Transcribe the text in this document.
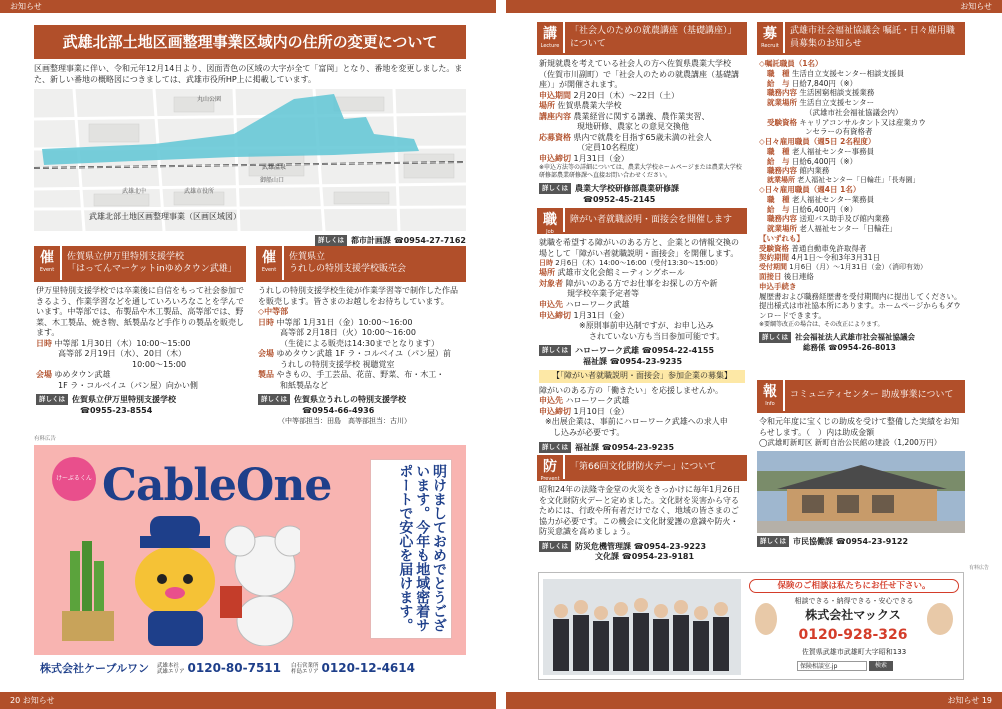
お知らせ
武雄北部土地区画整理事業区域内の住所の変更について
区画整理事業に伴い、令和元年12月14日より、図面青色の区域の大字が全て「富岡」となり、番地を変更しました。また、新しい番地の概略図につきましては、武雄市役所HP上に掲載しています。
丸山公園
武雄北中	武雄市役所
御船山口
武雄温泉
武雄北部土地区画整理事業（区画区域図）
詳しくは 都市計画課 ☎0954-27-7162
催
Event
佐賀県立伊万里特別支援学校
「はってんマーケットinゆめタウン武雄」
伊万里特別支援学校では卒業後に自信をもって社会参加できるよう、作業学習などを通していろいろなことを学んでいます。中等部では、布製品や木工製品、高等部では、野菜、木工製品、焼き物、紙製品など手作りの製品を販売します。
日時 中等部 1月30日（木）10:00～15:00
高等部 2月19日（水）、20日（木）
10:00～15:00
会場 ゆめタウン武雄
1F ラ・コルベイユ（パン屋）向かい側
詳しくは 佐賀県立伊万里特別支援学校
☎0955-23-8554
催
Event
佐賀県立
うれしの特別支援学校販売会
うれしの特別支援学校生徒が作業学習等で制作した作品を販売します。皆さまのお越しをお待ちしています。
◇中等部
日時 中等部 1月31日（金）10:00～16:00
高等部 2月18日（火）10:00～16:00
（生徒による販売は14:30までとなります）
会場 ゆめタウン武雄 1F ラ・コルベイユ（パン屋）前
うれしの特別支援学校 視聴覚室
製品 やきもの、手工芸品、花苗、野菜、布・木工・
和紙製品など
詳しくは 佐賀県立うれしの特別支援学校
☎0954-66-4936
（中等部担当：田島　高等部担当：古川）
有料広告
けーぶるくん CableOne	明けましておめでとうございます。今年も地域密着サポートで安心を届けます。
株式会社ケーブルワン 武雄本社
武雄エリア 0120-80-7511 白石営業所
杵島エリア 0120-12-4614
20 お知らせ
お知らせ
講
Lecture
「社会人のための就農講座（基礎講座）」について
新規就農を考えている社会人の方へ佐賀県農業大学校（佐賀市川副町）で「社会人のための就農講座（基礎講座）」が開催されます。
申込期間 2月20日（木）～22日（土）
場所 佐賀県農業大学校
講座内容 農業経営に関する講義、農作業実習、
現地研修、農家との意見交換他
応募資格 県内で就農を目指す65歳未満の社会人
（定員10名程度）
申込締切 1月31日（金）
※申込方法等の詳細については、農業大学校ホームページまたは農業大学校研修部農業研修課へ直接お問い合わせください。
詳しくは 農業大学校研修部農業研修課
☎0952-45-2145
職
Job
障がい者就職説明・面接会を開催します
就職を希望する障がいのある方と、企業との情報交換の場として「障がい者就職説明・面接会」を開催します。
日時 2月6日（木）14:00～16:00（受付13:30～15:00）
場所 武雄市文化会館ミーティングホール
対象者 障がいのある方でお仕事をお探しの方や新
規学校卒業予定者等
申込先 ハローワーク武雄
申込締切 1月31日（金）
※原則事前申込制ですが、お申し込み
されていない方も当日参加可能です。
詳しくは ハローワーク武雄 ☎0954-22-4155
福祉課 ☎0954-23-9235
【「障がい者就職説明・面接会」参加企業の募集】
障がいのある方の「働きたい」を応援しませんか。
申込先 ハローワーク武雄
申込締切 1月10日（金）
※出展企業は、事前にハローワーク武雄への求人申
し込みが必要です。
詳しくは 福祉課 ☎0954-23-9235
防
Prevent
「第66回文化財防火デー」について
昭和24年の法隆寺金堂の火災をきっかけに毎年1月26日を文化財防火デーと定めました。文化財を災害から守るためには、行政や所有者だけでなく、地域の皆さまのご協力が必要です。この機会に文化財愛護の意識や防火・防災意識を高めましょう。
詳しくは 防災危機管理課 ☎0954-23-9223
文化課 ☎0954-23-9181
募
Recruit
武雄市社会福祉協議会 嘱託・日々雇用職員募集のお知らせ
◇嘱託職員（1名）
職　種 生活自立支援センター相談支援員
給　与 日給7,840円（※）
職務内容 生活困窮相談支援業務
就業場所 生活自立支援センター
（武雄市社会福祉協議会内）
受験資格 キャリアコンサルタント又は産業カウ
ンセラーの有資格者
◇日々雇用職員（週5日 2名程度）
職　種 老人福祉センター事務員
給　与 日給6,400円（※）
職務内容 館内業務
就業場所 老人福祉センター「日輪荘」「長寿園」
◇日々雇用職員（週4日 1名）
職　種 老人福祉センター業務員
給　与 日給6,400円（※）
職務内容 送迎バス助手及び館内業務
就業場所 老人福祉センター「日輪荘」
【いずれも】
受験資格 普通自動車免許取得者
契約期間 4月1日～令和3年3月31日
受付期間 1月6日（月）～1月31日（金）（消印有効）
面接日 後日連絡
申込手続き
履歴書および職務経歴書を受付期間内に提出してください。提出様式は市社協本所にあります。ホームページからもダウンロードできます。
※要綱等改正の場合は、その改正によります。
詳しくは 社会福祉法人武雄市社会福祉協議会
総務係 ☎0954-26-8013
報
Info
コミュニティセンター 助成事業について
令和元年度に宝くじの助成を受けて整備した実績をお知らせします。（　）内は助成金額
◯武雄町新町区 新町自治公民館の建設（1,200万円）
詳しくは 市民協働課 ☎0954-23-9122
有料広告
保険のご相談は私たちにお任せ下さい。
相談できる・納得できる・安心できる
株式会社マックス
0120-928-326
佐賀県武雄市武雄町大字昭和133
保険相談室.jp	検索
お知らせ 19
